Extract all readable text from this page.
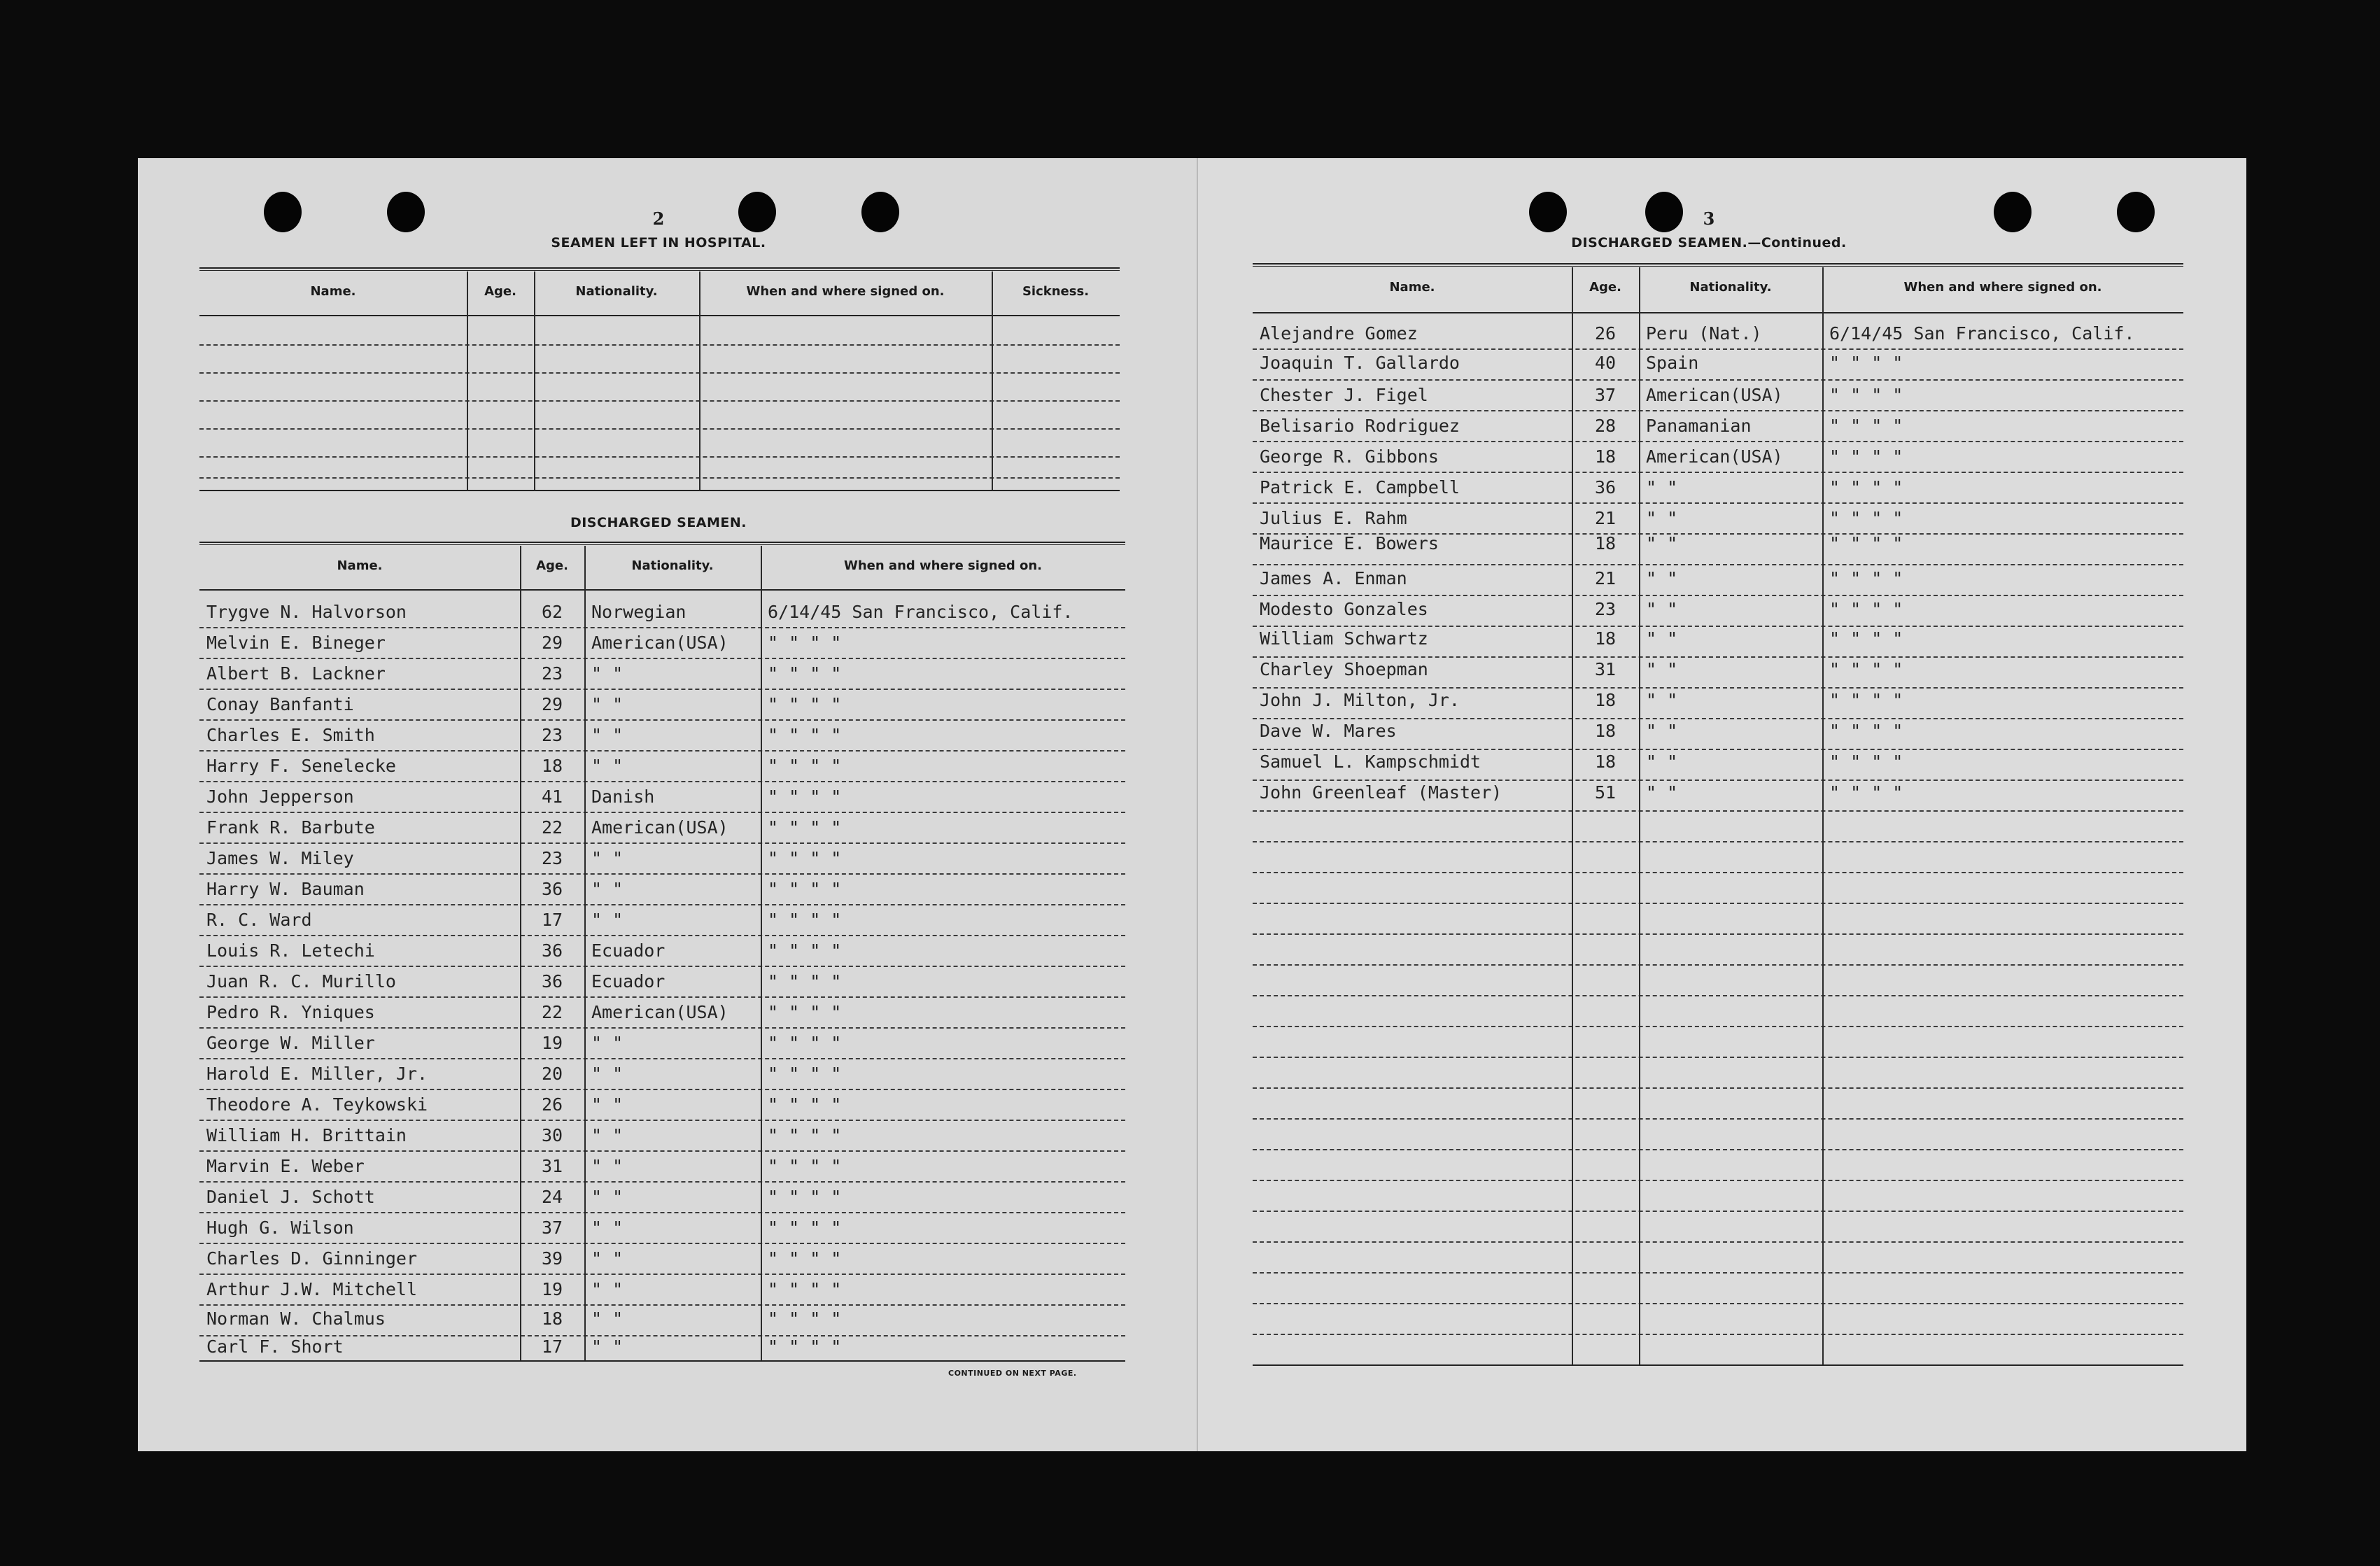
2
SEAMEN LEFT IN HOSPITAL.
Name.	Age.	Nationality.	When and where signed on.	Sickness.
DISCHARGED SEAMEN.
Name.	Age.	Nationality.	When and where signed on.
Trygve N. Halvorson	62	Norwegian	6/14/45 San Francisco, Calif.
Melvin E. Bineger	29	American(USA)	" " " "
Albert B. Lackner	23	" "	" " " "
Conay Banfanti	29	" "	" " " "
Charles E. Smith	23	" "	" " " "
Harry F. Senelecke	18	" "	" " " "
John Jepperson	41	Danish	" " " "
Frank R. Barbute	22	American(USA)	" " " "
James W. Miley	23	" "	" " " "
Harry W. Bauman	36	" "	" " " "
R. C. Ward	17	" "	" " " "
Louis R. Letechi	36	Ecuador	" " " "
Juan R. C. Murillo	36	Ecuador	" " " "
Pedro R. Yniques	22	American(USA)	" " " "
George W. Miller	19	" "	" " " "
Harold E. Miller, Jr.	20	" "	" " " "
Theodore A. Teykowski	26	" "	" " " "
William H. Brittain	30	" "	" " " "
Marvin E. Weber	31	" "	" " " "
Daniel J. Schott	24	" "	" " " "
Hugh G. Wilson	37	" "	" " " "
Charles D. Ginninger	39	" "	" " " "
Arthur J.W. Mitchell	19	" "	" " " "
Norman W. Chalmus	18	" "	" " " "
Carl F. Short	17	" "	" " " "
CONTINUED ON NEXT PAGE.
3
DISCHARGED SEAMEN.—Continued.
Name.	Age.	Nationality.	When and where signed on.
Alejandre Gomez	26	Peru (Nat.)	6/14/45 San Francisco, Calif.
Joaquin T. Gallardo	40	Spain	" " " "
Chester J. Figel	37	American(USA)	" " " "
Belisario Rodriguez	28	Panamanian	" " " "
George R. Gibbons	18	American(USA)	" " " "
Patrick E. Campbell	36	" "	" " " "
Julius E. Rahm	21	" "	" " " "
Maurice E. Bowers	18	" "	" " " "
James A. Enman	21	" "	" " " "
Modesto Gonzales	23	" "	" " " "
William Schwartz	18	" "	" " " "
Charley Shoepman	31	" "	" " " "
John J. Milton, Jr.	18	" "	" " " "
Dave W. Mares	18	" "	" " " "
Samuel L. Kampschmidt	18	" "	" " " "
John Greenleaf (Master)	51	" "	" " " "
